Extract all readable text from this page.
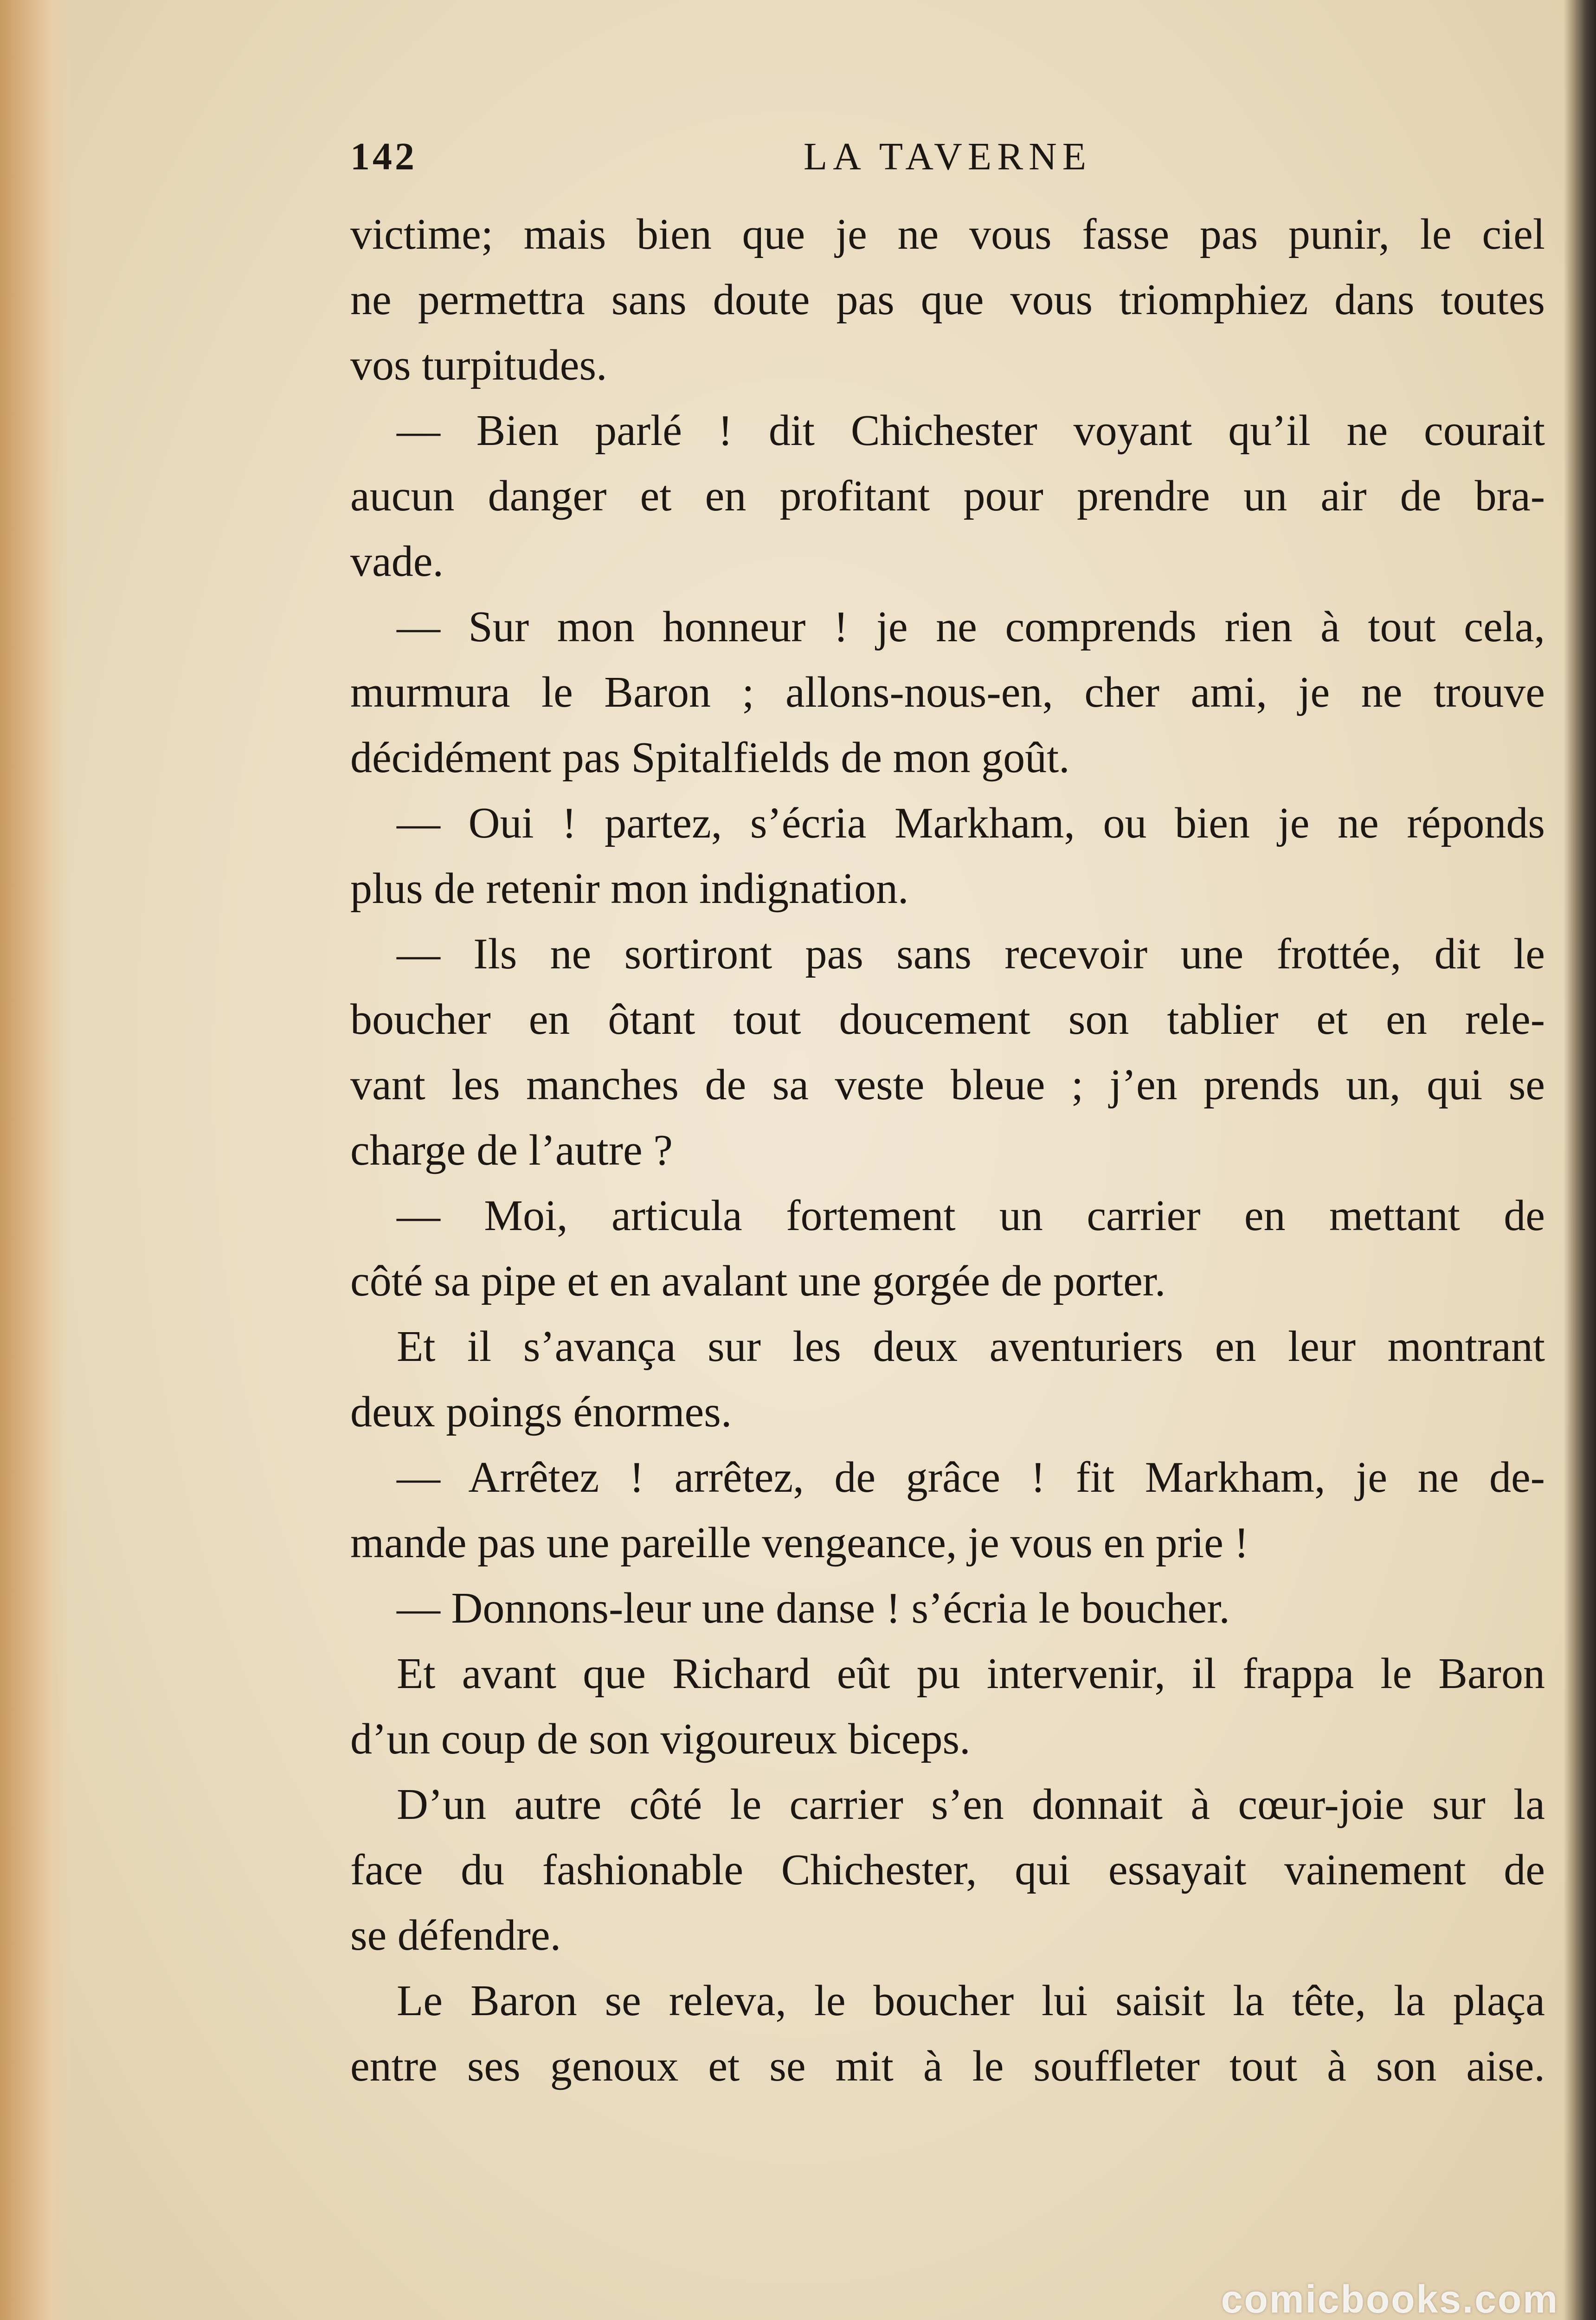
142	LA TAVERNE
victime; mais bien que je ne vous fasse pas punir, le ciel
ne permettra sans doute pas que vous triomphiez dans toutes
vos turpitudes.
— Bien parlé ! dit Chichester voyant qu’il ne courait
aucun danger et en profitant pour prendre un air de bra-
vade.
— Sur mon honneur ! je ne comprends rien à tout cela,
murmura le Baron ; allons-nous-en, cher ami, je ne trouve
décidément pas Spitalfields de mon goût.
— Oui ! partez, s’écria Markham, ou bien je ne réponds
plus de retenir mon indignation.
— Ils ne sortiront pas sans recevoir une frottée, dit le
boucher en ôtant tout doucement son tablier et en rele-
vant les manches de sa veste bleue ; j’en prends un, qui se
charge de l’autre ?
— Moi, articula fortement un carrier en mettant de
côté sa pipe et en avalant une gorgée de porter.
Et il s’avança sur les deux aventuriers en leur montrant
deux poings énormes.
— Arrêtez ! arrêtez, de grâce ! fit Markham, je ne de-
mande pas une pareille vengeance, je vous en prie !
— Donnons-leur une danse ! s’écria le boucher.
Et avant que Richard eût pu intervenir, il frappa le Baron
d’un coup de son vigoureux biceps.
D’un autre côté le carrier s’en donnait à cœur-joie sur la
face du fashionable Chichester, qui essayait vainement de
se défendre.
Le Baron se releva, le boucher lui saisit la tête, la plaça
entre ses genoux et se mit à le souffleter tout à son aise.
comicbooks.com
